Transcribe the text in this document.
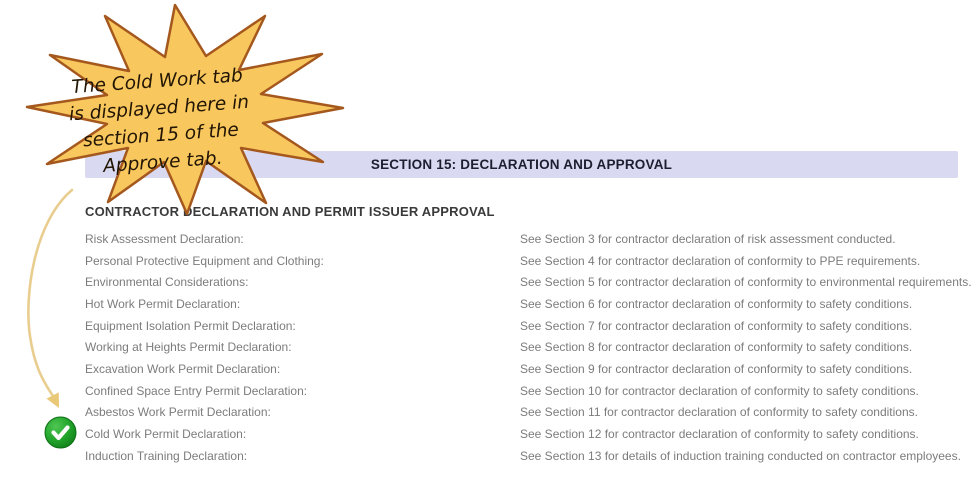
SECTION 15: DECLARATION AND APPROVAL
CONTRACTOR DECLARATION AND PERMIT ISSUER APPROVAL
Risk Assessment Declaration:	See Section 3 for contractor declaration of risk assessment conducted.
Personal Protective Equipment and Clothing:	See Section 4 for contractor declaration of conformity to PPE requirements.
Environmental Considerations:	See Section 5 for contractor declaration of conformity to environmental requirements.
Hot Work Permit Declaration:	See Section 6 for contractor declaration of conformity to safety conditions.
Equipment Isolation Permit Declaration:	See Section 7 for contractor declaration of conformity to safety conditions.
Working at Heights Permit Declaration:	See Section 8 for contractor declaration of conformity to safety conditions.
Excavation Work Permit Declaration:	See Section 9 for contractor declaration of conformity to safety conditions.
Confined Space Entry Permit Declaration:	See Section 10 for contractor declaration of conformity to safety conditions.
Asbestos Work Permit Declaration:	See Section 11 for contractor declaration of conformity to safety conditions.
Cold Work Permit Declaration:	See Section 12 for contractor declaration of conformity to safety conditions.
Induction Training Declaration:	See Section 13 for details of induction training conducted on contractor employees.
The Cold Work tab
is displayed here in
section 15 of the
Approve tab.
